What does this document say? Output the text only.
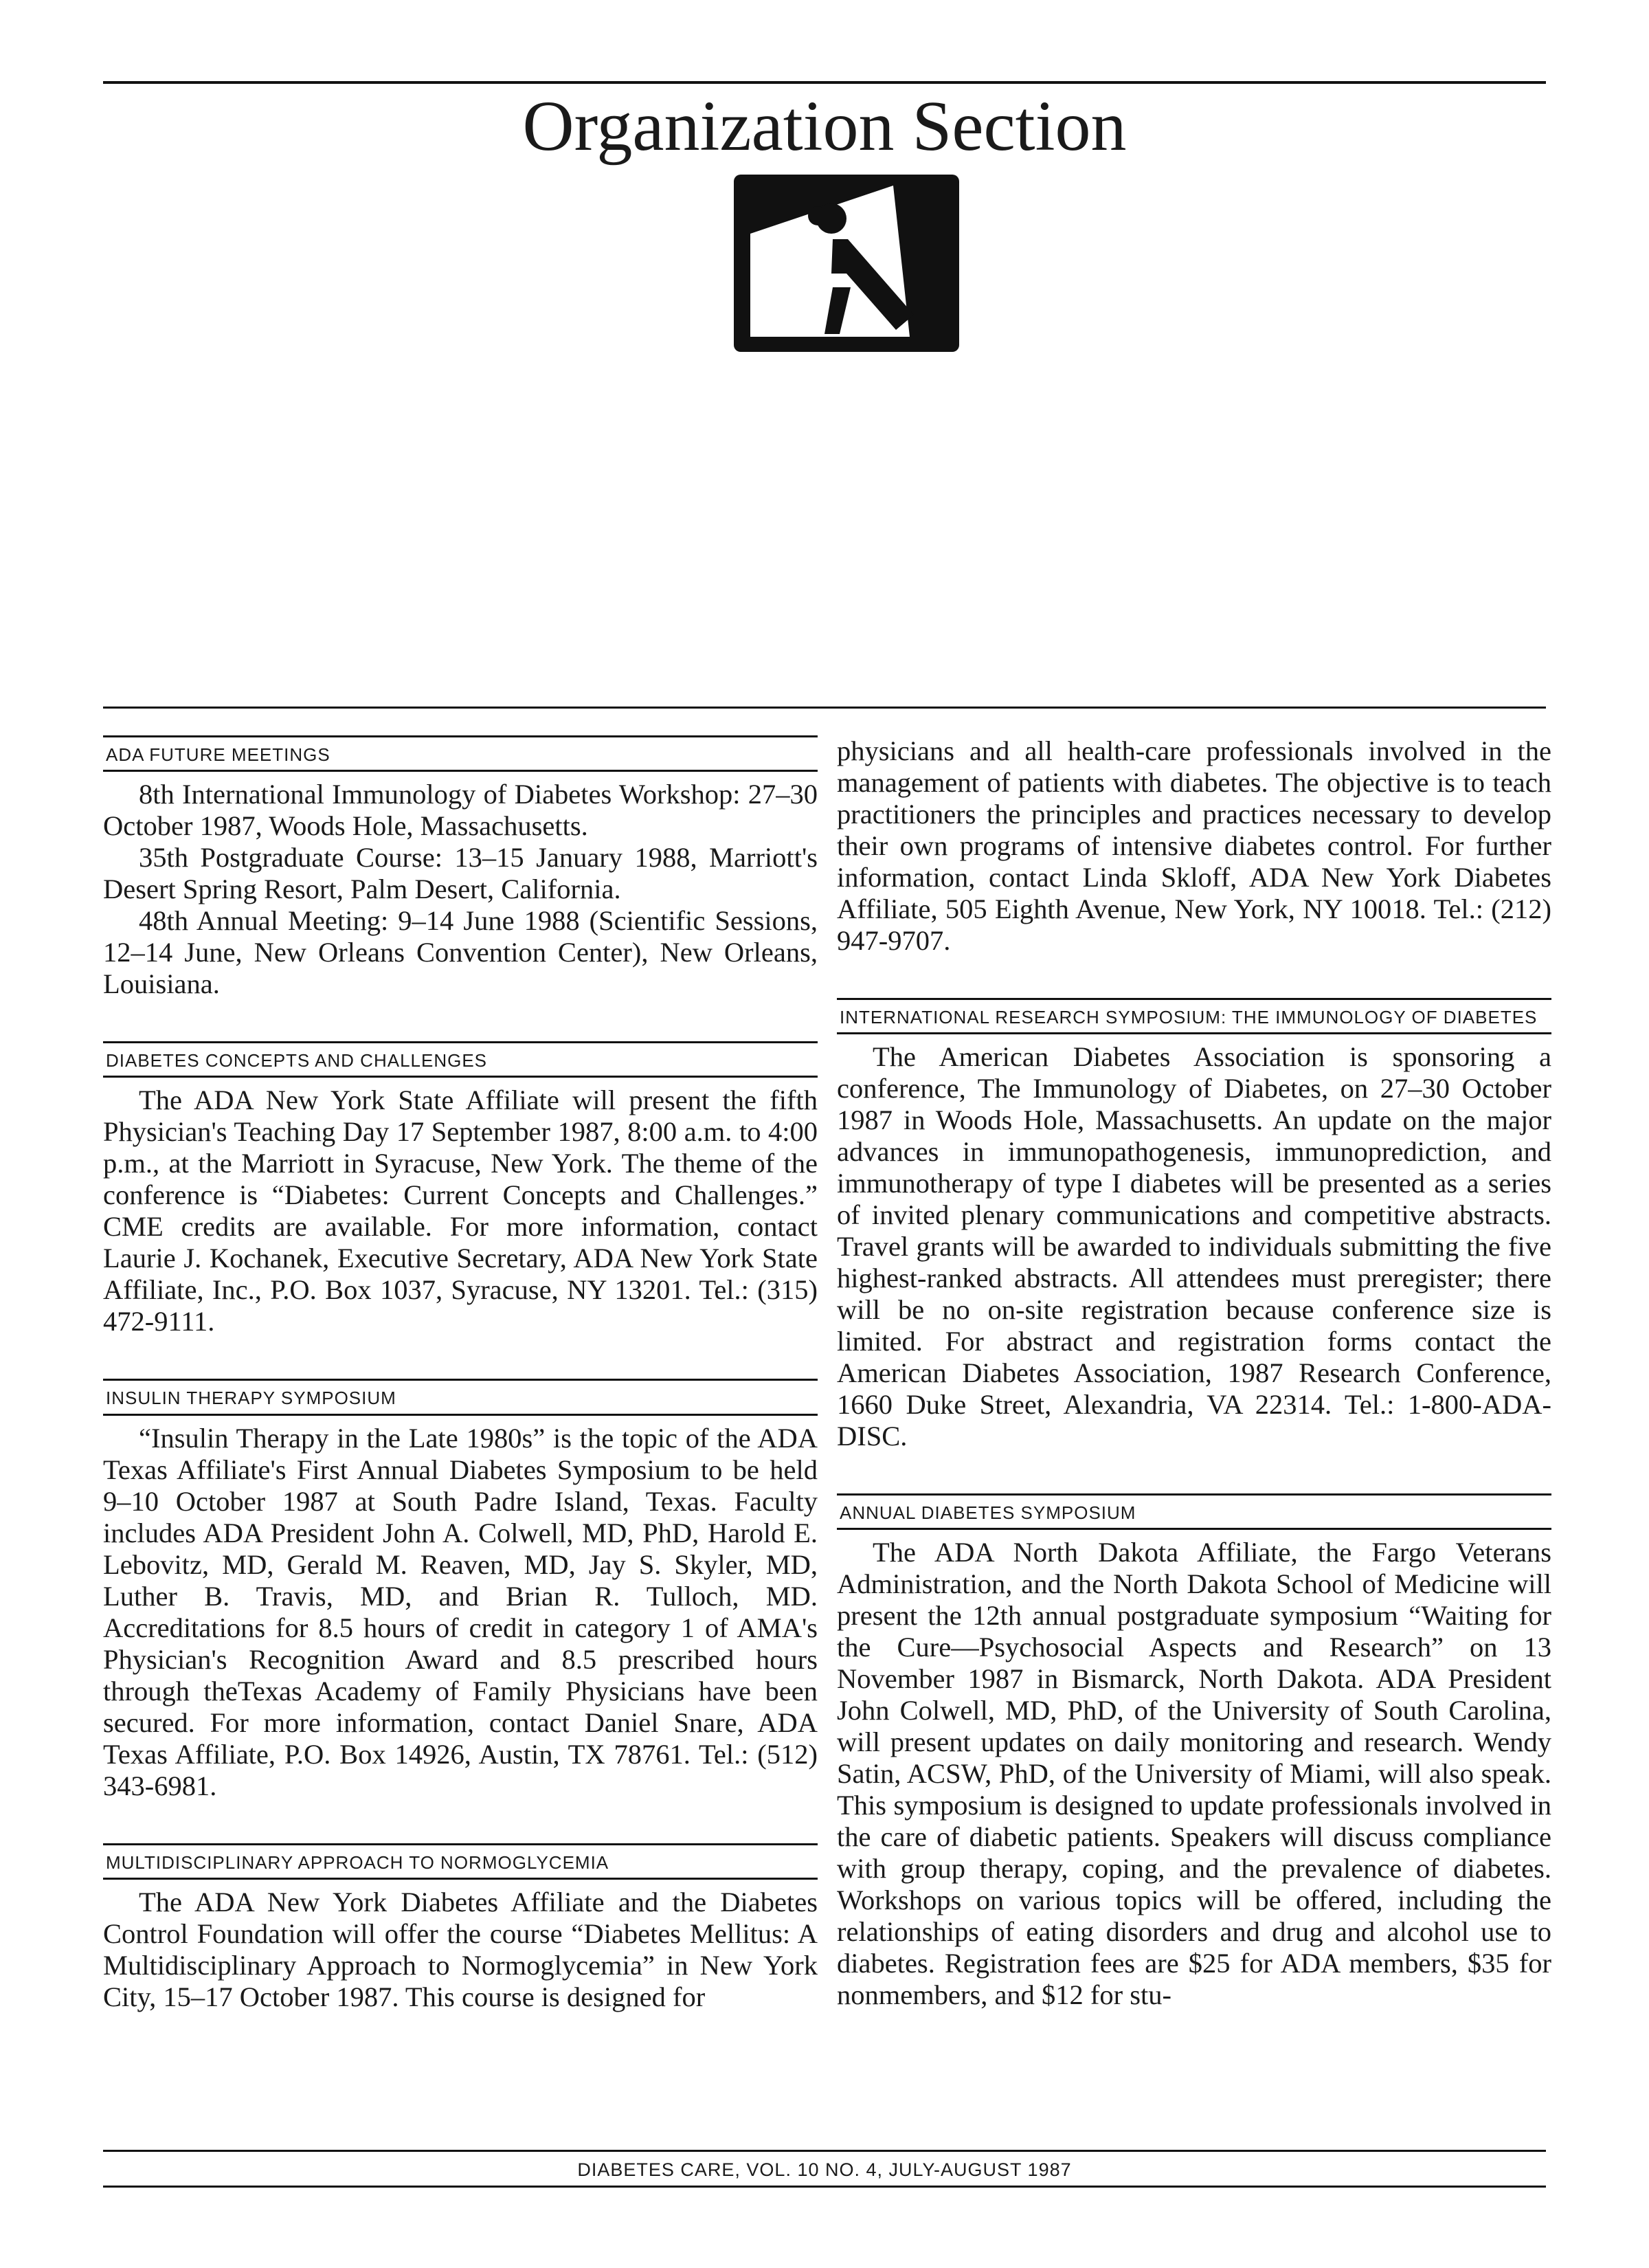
Organization Section
ADA FUTURE MEETINGS

8th International Immunology of Diabetes Workshop: 27–30 October 1987, Woods Hole, Massachusetts.

35th Postgraduate Course: 13–15 January 1988, Marriott's Desert Spring Resort, Palm Desert, California.

48th Annual Meeting: 9–14 June 1988 (Scientific Sessions, 12–14 June, New Orleans Convention Center), New Orleans, Louisiana.

DIABETES CONCEPTS AND CHALLENGES

The ADA New York State Affiliate will present the fifth Physician's Teaching Day 17 September 1987, 8:00 a.m. to 4:00 p.m., at the Marriott in Syracuse, New York. The theme of the conference is “Diabetes: Current Concepts and Challenges.” CME credits are available. For more information, contact Laurie J. Kochanek, Executive Secretary, ADA New York State Affiliate, Inc., P.O. Box 1037, Syracuse, NY 13201. Tel.: (315) 472-9111.

INSULIN THERAPY SYMPOSIUM

“Insulin Therapy in the Late 1980s” is the topic of the ADA Texas Affiliate's First Annual Diabetes Symposium to be held 9–10 October 1987 at South Padre Island, Texas. Faculty includes ADA President John A. Colwell, MD, PhD, Harold E. Lebovitz, MD, Gerald M. Reaven, MD, Jay S. Skyler, MD, Luther B. Travis, MD, and Brian R. Tulloch, MD. Accreditations for 8.5 hours of credit in category 1 of AMA's Physician's Recognition Award and 8.5 prescribed hours through theTexas Academy of Family Physicians have been secured. For more information, contact Daniel Snare, ADA Texas Affiliate, P.O. Box 14926, Austin, TX 78761. Tel.: (512) 343-6981.

MULTIDISCIPLINARY APPROACH TO NORMOGLYCEMIA

The ADA New York Diabetes Affiliate and the Diabetes Control Foundation will offer the course “Diabetes Mellitus: A Multidisciplinary Approach to Normoglycemia” in New York City, 15–17 October 1987. This course is designed for

physicians and all health-care professionals involved in the management of patients with diabetes. The objective is to teach practitioners the principles and practices necessary to develop their own programs of intensive diabetes control. For further information, contact Linda Skloff, ADA New York Diabetes Affiliate, 505 Eighth Avenue, New York, NY 10018. Tel.: (212) 947-9707.

INTERNATIONAL RESEARCH SYMPOSIUM: THE IMMUNOLOGY OF DIABETES

The American Diabetes Association is sponsoring a conference, The Immunology of Diabetes, on 27–30 October 1987 in Woods Hole, Massachusetts. An update on the major advances in immunopathogenesis, immunoprediction, and immunotherapy of type I diabetes will be presented as a series of invited plenary communications and competitive abstracts. Travel grants will be awarded to individuals submitting the five highest-ranked abstracts. All attendees must preregister; there will be no on-site registration because conference size is limited. For abstract and registration forms contact the American Diabetes Association, 1987 Research Conference, 1660 Duke Street, Alexandria, VA 22314. Tel.: 1-800-ADA-DISC.

ANNUAL DIABETES SYMPOSIUM

The ADA North Dakota Affiliate, the Fargo Veterans Administration, and the North Dakota School of Medicine will present the 12th annual postgraduate symposium “Waiting for the Cure—Psychosocial Aspects and Research” on 13 November 1987 in Bismarck, North Dakota. ADA President John Colwell, MD, PhD, of the University of South Carolina, will present updates on daily monitoring and research. Wendy Satin, ACSW, PhD, of the University of Miami, will also speak. This symposium is designed to update professionals involved in the care of diabetic patients. Speakers will discuss compliance with group therapy, coping, and the prevalence of diabetes. Workshops on various topics will be offered, including the relationships of eating disorders and drug and alcohol use to diabetes. Registration fees are $25 for ADA members, $35 for nonmembers, and $12 for stu-

DIABETES CARE, VOL. 10 NO. 4, JULY-AUGUST 1987
